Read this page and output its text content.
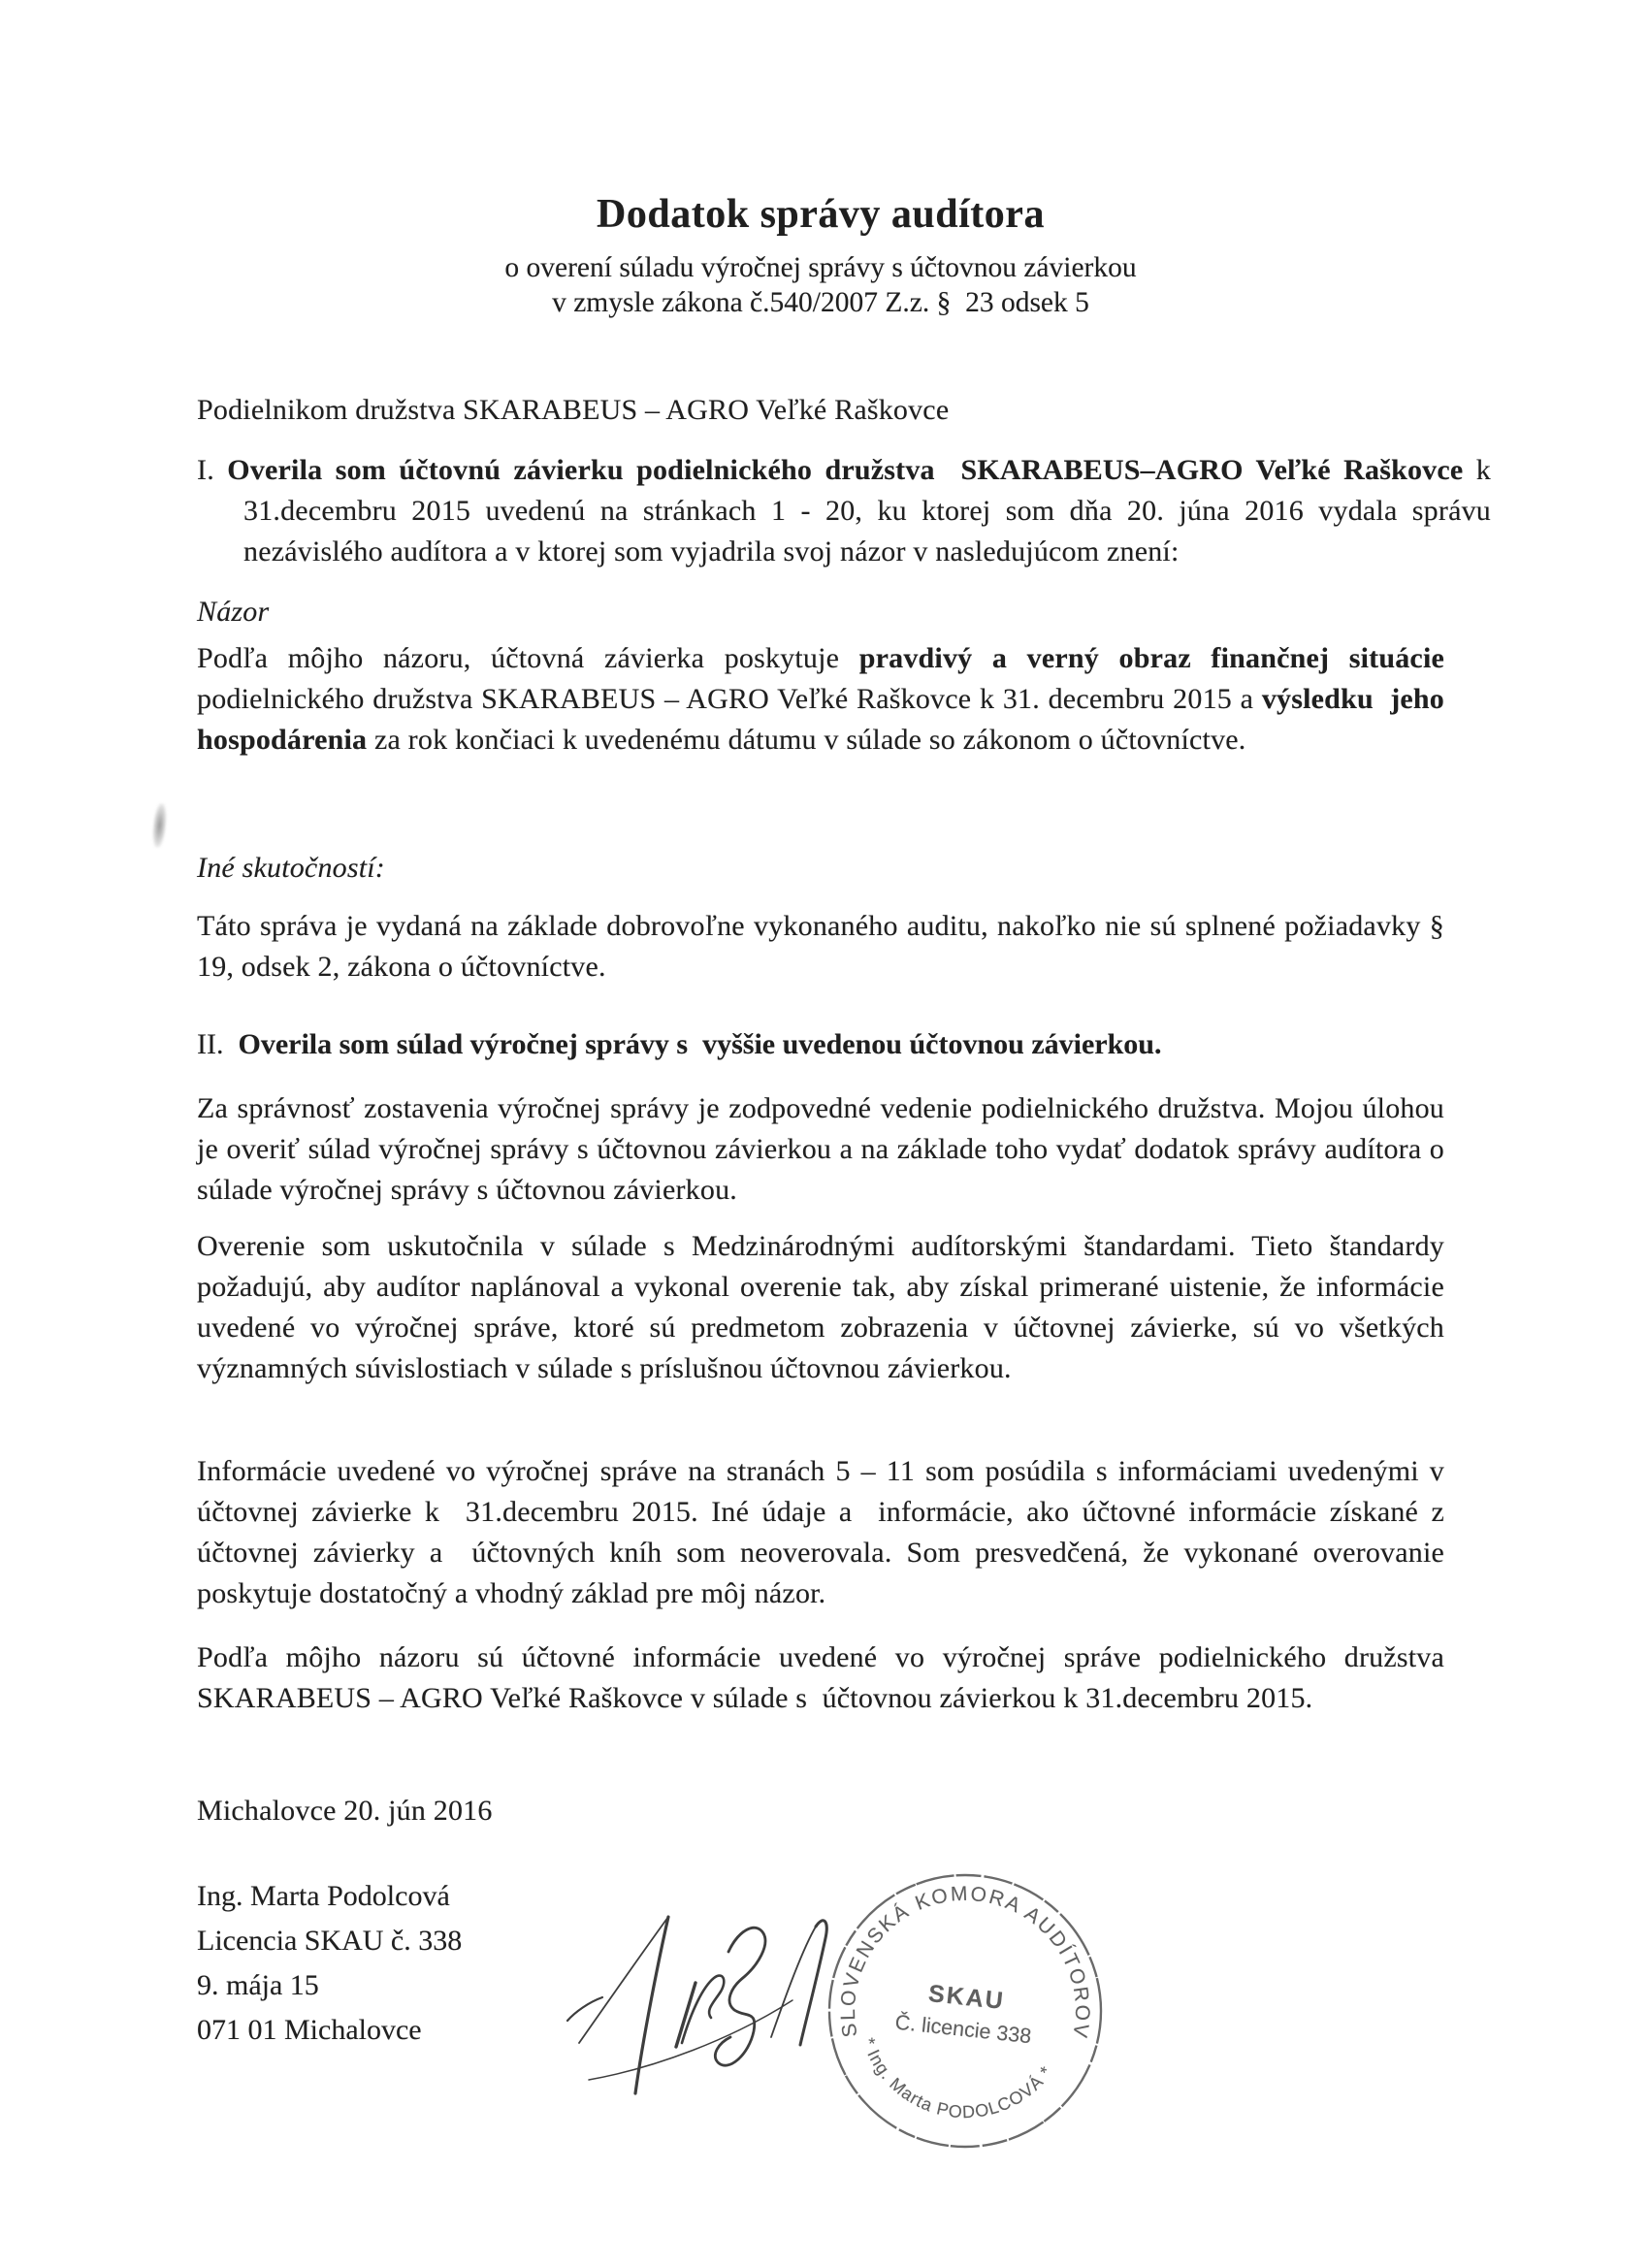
Dodatok správy audítora
o overení súladu výročnej správy s účtovnou závierkou
v zmysle zákona č.540/2007 Z.z. §  23 odsek 5
Podielnikom družstva SKARABEUS – AGRO Veľké Raškovce
I. Overila som účtovnú závierku podielnického družstva  SKARABEUS–AGRO Veľké Raškovce k 31.decembru 2015 uvedenú na stránkach 1 - 20, ku ktorej som dňa 20. júna 2016 vydala správu nezávislého audítora a v ktorej som vyjadrila svoj názor v nasledujúcom znení:
Názor
Podľa môjho názoru, účtovná závierka poskytuje pravdivý a verný obraz finančnej situácie podielnického družstva SKARABEUS – AGRO Veľké Raškovce k 31. decembru 2015 a výsledku  jeho hospodárenia za rok končiaci k uvedenému dátumu v súlade so zákonom o účtovníctve.
Iné skutočností:
Táto správa je vydaná na základe dobrovoľne vykonaného auditu, nakoľko nie sú splnené požiadavky § 19, odsek 2, zákona o účtovníctve.
II. Overila som súlad výročnej správy s  vyššie uvedenou účtovnou závierkou.
Za správnosť zostavenia výročnej správy je zodpovedné vedenie podielnického družstva. Mojou úlohou je overiť súlad výročnej správy s účtovnou závierkou a na základe toho vydať dodatok správy audítora o súlade výročnej správy s účtovnou závierkou.
Overenie som uskutočnila v súlade s Medzinárodnými audítorskými štandardami. Tieto štandardy požadujú, aby audítor naplánoval a vykonal overenie tak, aby získal primerané uistenie, že informácie uvedené vo výročnej správe, ktoré sú predmetom zobrazenia v účtovnej závierke, sú vo všetkých významných súvislostiach v súlade s príslušnou účtovnou závierkou.
Informácie uvedené vo výročnej správe na stranách 5 – 11 som posúdila s informáciami uvedenými v účtovnej závierke k  31.decembru 2015. Iné údaje a  informácie, ako účtovné informácie získané z účtovnej závierky a  účtovných kníh som neoverovala. Som presvedčená, že vykonané overovanie poskytuje dostatočný a vhodný základ pre môj názor.
Podľa môjho názoru sú účtovné informácie uvedené vo výročnej správe podielnického družstva SKARABEUS – AGRO Veľké Raškovce v súlade s  účtovnou závierkou k 31.decembru 2015.
Michalovce 20. jún 2016
Ing. Marta Podolcová
Licencia SKAU č. 338
9. mája 15
071 01 Michalovce	SLOVENSKÁ KOMORA AUDÍTOROV
* Ing. Marta PODOLCOVÁ *
SKAU
Č. licencie 338
